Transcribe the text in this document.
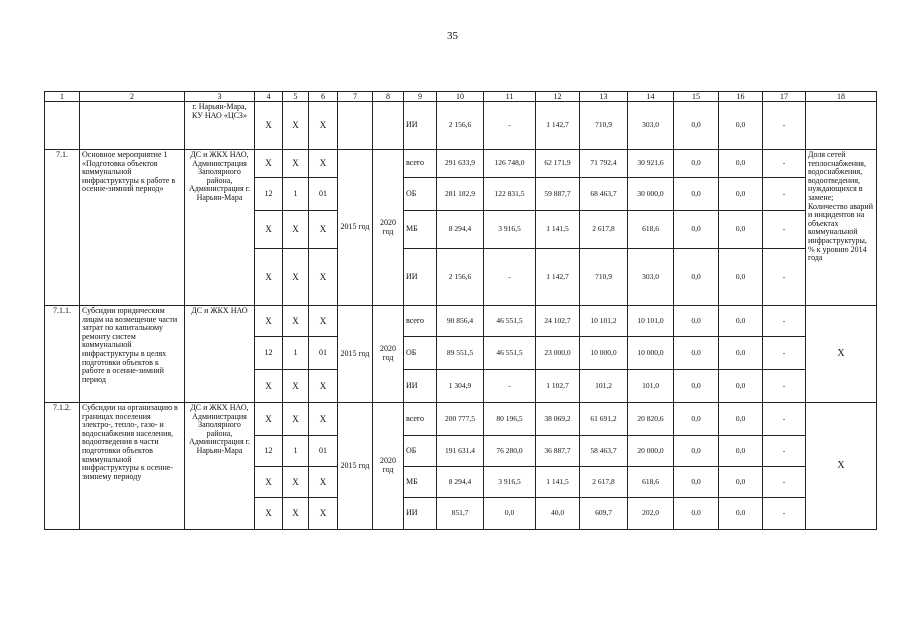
35
1	2	3	4	5	6	7	8	9	10	11	12	13	14	15	16	17	18
		г. Нарьян-Мара, КУ НАО «ЦСЗ»	X	X	X			ИИ	2 156,6	-	1 142,7	710,9	303,0	0,0	0,0	-	
7.1.	Основное мероприятие 1 «Подготовка объектов коммунальной инфраструктуры к работе в осенне-зимний период»	ДС и ЖКХ НАО, Администрация Заполярного района, Администрация г. Нарьян-Мара	X	X	X	2015 год	2020 год	всего	291 633,9	126 748,0	62 171,9	71 792,4	30 921,6	0,0	0,0	-	Доля сетей теплоснабжения, водоснабжения, водоотведения, нуждающихся в замене; Количество аварий и инцидентов на объектах коммунальной инфраструктуры, % к уровню 2014 года
			12	1	01			ОБ	281 182,9	122 831,5	59 887,7	68 463,7	30 000,0	0,0	0,0	-	
			X	X	X			МБ	8 294,4	3 916,5	1 141,5	2 617,8	618,6	0,0	0,0	-	
			X	X	X			ИИ	2 156,6	-	1 142,7	710,9	303,0	0,0	0,0	-	
7.1.1.	Субсидии юридическим лицам на возмещение части затрат по капитальному ремонту систем коммунальной инфраструктуры в целях подготовки объектов к работе в осенне-зимний период	ДС и ЖКХ НАО	X	X	X	2015 год	2020 год	всего	90 856,4	46 551,5	24 102,7	10 101,2	10 101,0	0,0	0,0	-	X
			12	1	01			ОБ	89 551,5	46 551,5	23 000,0	10 000,0	10 000,0	0,0	0,0	-	
			X	X	X			ИИ	1 304,9	-	1 102,7	101,2	101,0	0,0	0,0	-	
7.1.2.	Субсидии на организацию в границах поселения электро-, тепло-, газо- и водоснабжения населения, водоотведения в части подготовки объектов коммунальной инфраструктуры к осенне-зимнему периоду	ДС и ЖКХ НАО, Администрация Заполярного района, Администрация г. Нарьян-Мара	X	X	X	2015 год	2020 год	всего	200 777,5	80 196,5	38 069,2	61 691,2	20 820,6	0,0	0,0	-	X
			12	1	01			ОБ	191 631,4	76 280,0	36 887,7	58 463,7	20 000,0	0,0	0,0	-	
			X	X	X			МБ	8 294,4	3 916,5	1 141,5	2 617,8	618,6	0,0	0,0	-	
			X	X	X			ИИ	851,7	0,0	40,0	609,7	202,0	0,0	0,0	-	
